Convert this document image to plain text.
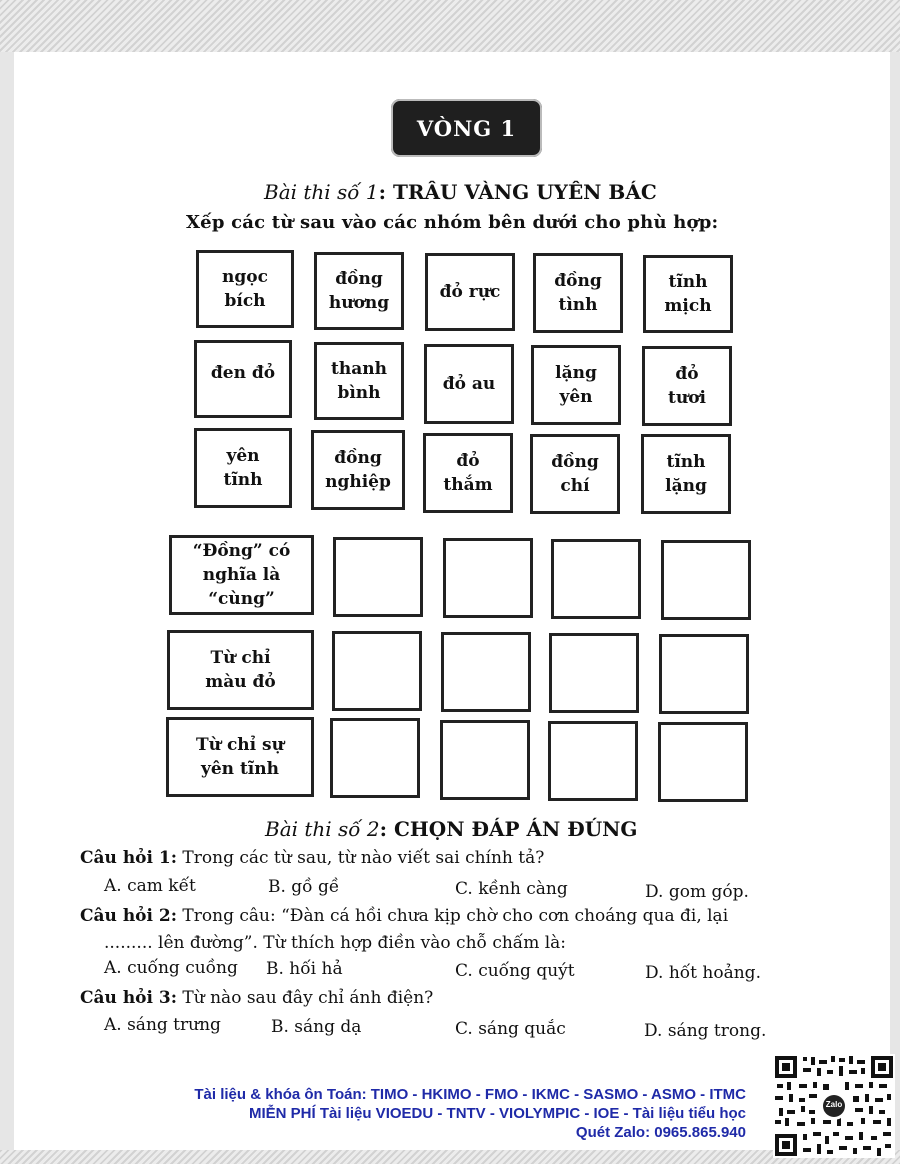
VÒNG 1
Bài thi số 1: TRÂU VÀNG UYÊN BÁC
Xếp các từ sau vào các nhóm bên dưới cho phù hợp:
ngọc
bích
đồng
hương
đỏ rực
đồng
tình
tĩnh
mịch
đen đỏ	thanh
bình	đỏ au
lặng
yên
đỏ
tươi
yên
tĩnh
đồng
nghiệp
đỏ
thắm
đồng
chí
tĩnh
lặng
“Đồng” có
nghĩa là
“cùng”
Từ chỉ
màu đỏ
Từ chỉ sự
yên tĩnh
Bài thi số 2: CHỌN ĐÁP ÁN ĐÚNG
Câu hỏi 1: Trong các từ sau, từ nào viết sai chính tả?
A. cam kết	B. gồ gề	C. kềnh càng	D. gom góp.
Câu hỏi 2: Trong câu: “Đàn cá hồi chưa kịp chờ cho cơn choáng qua đi, lại
......... lên đường”. Từ thích hợp điền vào chỗ chấm là:
A. cuống cuồng B. hối hả	C. cuống quýt	D. hốt hoảng.
Câu hỏi 3: Từ nào sau đây chỉ ánh điện?
A. sáng trưng	B. sáng dạ	C. sáng quắc	D. sáng trong.
Tài liệu & khóa ôn Toán: TIMO - HKIMO - FMO - IKMC - SASMO - ASMO - ITMC
MIỄN PHÍ Tài liệu VIOEDU - TNTV - VIOLYMPIC - IOE - Tài liệu tiểu học
Quét Zalo: 0965.865.940
Zalo
